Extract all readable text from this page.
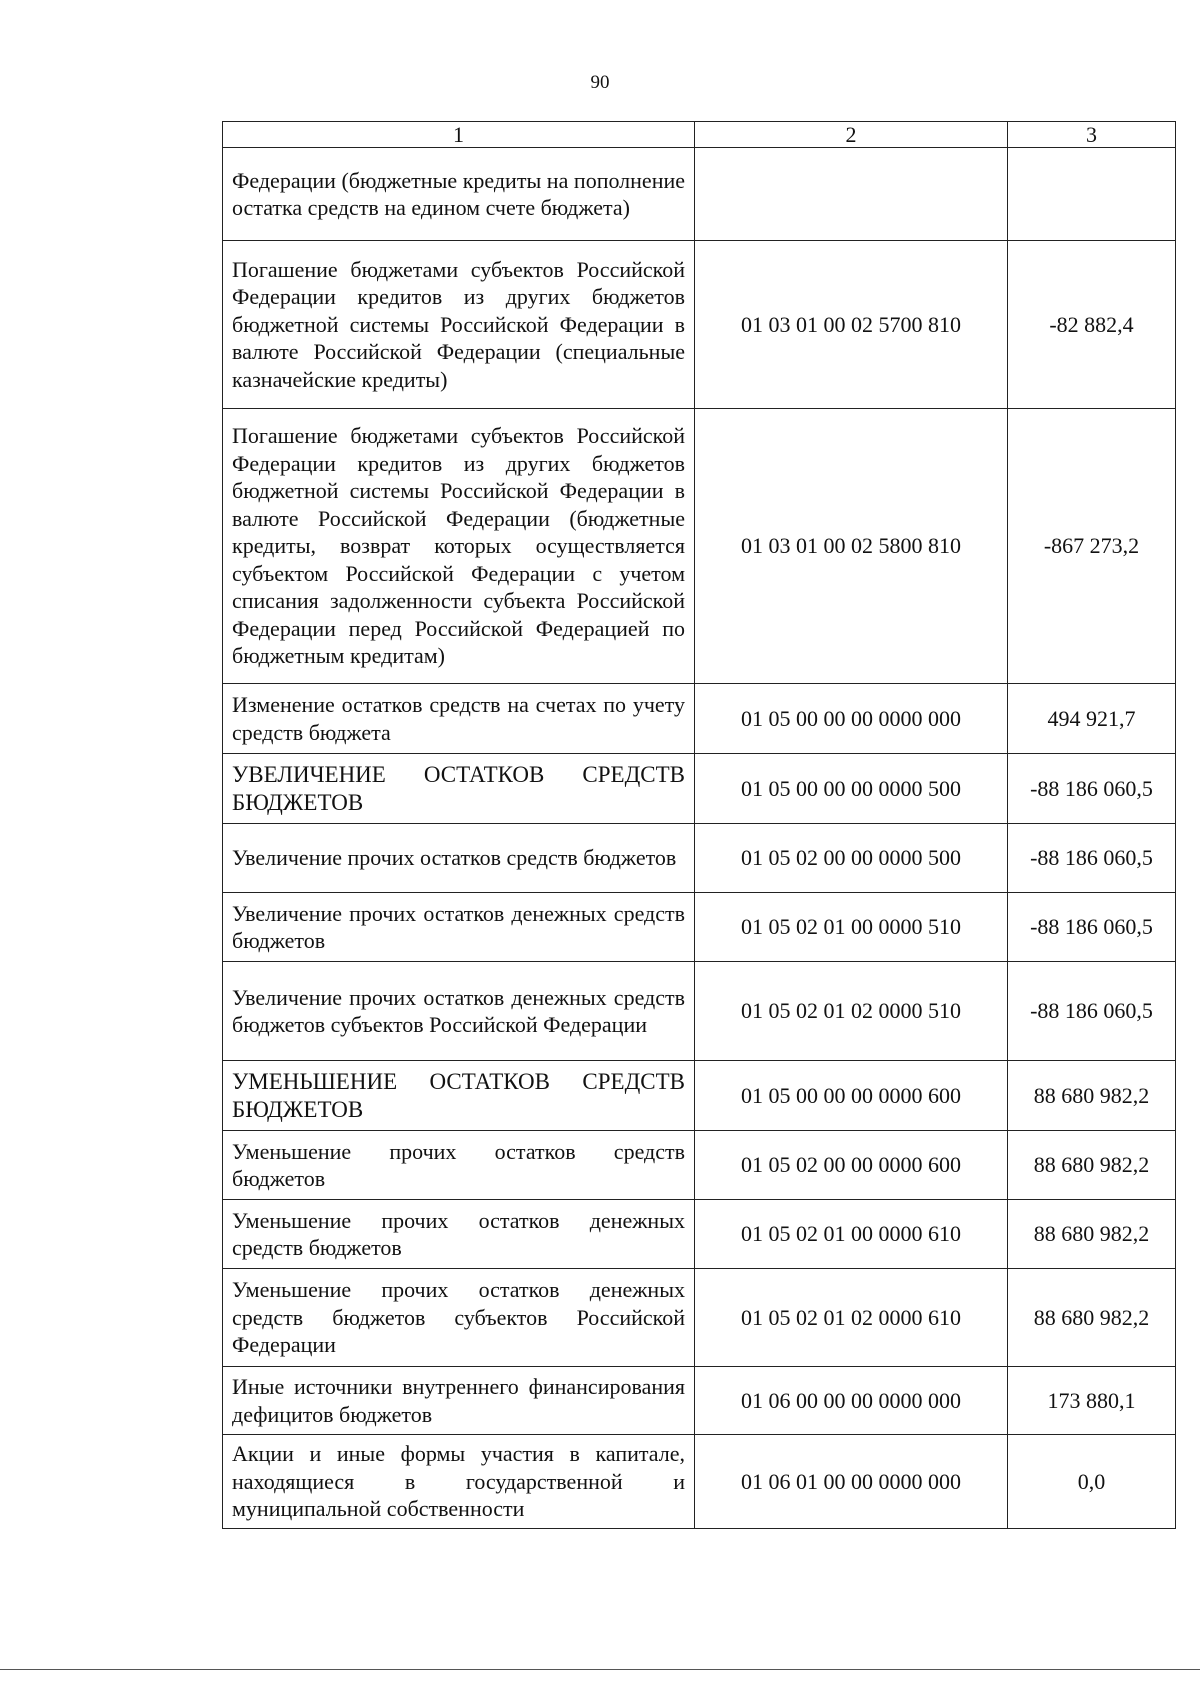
90
1	2	3
Федерации (бюджетные кредиты на пополнение остатка средств на едином счете бюджета)		
Погашение бюджетами субъектов Российской Федерации кредитов из других бюджетов бюджетной системы Российской Федерации в валюте Российской Федерации (специальные казначейские кредиты)	01 03 01 00 02 5700 810	-82 882,4
Погашение бюджетами субъектов Российской Федерации кредитов из других бюджетов бюджетной системы Российской Федерации в валюте Российской Федерации (бюджетные кредиты, возврат которых осуществляется субъектом Российской Федерации с учетом списания задолженности субъекта Российской Федерации перед Российской Федерацией по бюджетным кредитам)	01 03 01 00 02 5800 810	-867 273,2
Изменение остатков средств на счетах по учету средств бюджета	01 05 00 00 00 0000 000	494 921,7
УВЕЛИЧЕНИЕ ОСТАТКОВ СРЕДСТВ БЮДЖЕТОВ	01 05 00 00 00 0000 500	-88 186 060,5
Увеличение прочих остатков средств бюджетов	01 05 02 00 00 0000 500	-88 186 060,5
Увеличение прочих остатков денежных средств бюджетов	01 05 02 01 00 0000 510	-88 186 060,5
Увеличение прочих остатков денежных средств бюджетов субъектов Российской Федерации	01 05 02 01 02 0000 510	-88 186 060,5
УМЕНЬШЕНИЕ ОСТАТКОВ СРЕДСТВ БЮДЖЕТОВ	01 05 00 00 00 0000 600	88 680 982,2
Уменьшение прочих остатков средств бюджетов	01 05 02 00 00 0000 600	88 680 982,2
Уменьшение прочих остатков денежных средств бюджетов	01 05 02 01 00 0000 610	88 680 982,2
Уменьшение прочих остатков денежных средств бюджетов субъектов Российской Федерации	01 05 02 01 02 0000 610	88 680 982,2
Иные источники внутреннего финансирования дефицитов бюджетов	01 06 00 00 00 0000 000	173 880,1
Акции и иные формы участия в капитале, находящиеся в государственной и муниципальной собственности	01 06 01 00 00 0000 000	0,0
